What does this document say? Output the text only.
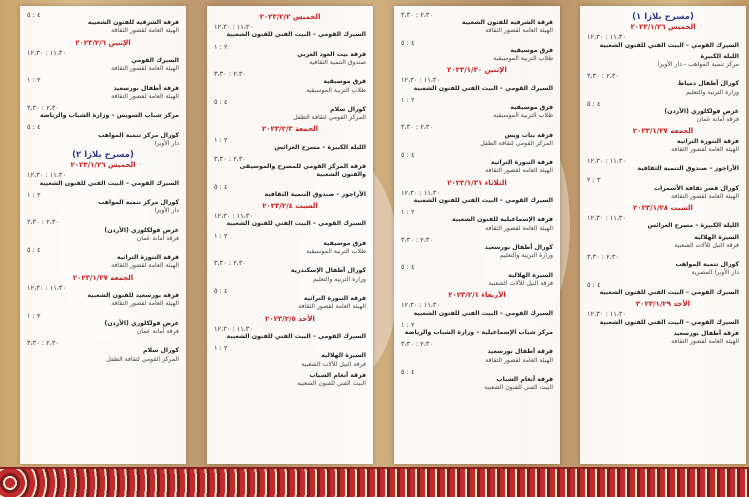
(مسرح بلازا ١)
الخميس ٢٠٢٣/١/٢٦
١١،٣٠ : ١٢،٣٠
السيرك القومي – البيت الفني للفنون الشعبية
الليلة الكبيرة
مركز تنمية المواهب - دار الأوبرا
٢،٣٠ : ٣،٣٠
كورال أطفال دمياط
وزارة التربية والتعليم
٤ : ٥
عرض فولكلوري (الأردن)
فرقة أمانة عمان
الجمعة ٢٠٢٣/١/٢٧
فرقة التنورة التراثية
الهيئة العامة لقصور الثقافة
١١،٣٠ : ١٢،٣٠
الأراجوز – صندوق التنمية الثقافية
٣ : ٢
كورال قصر ثقافة الأسمرات
الهيئة العامة لقصور الثقافة
السبت ٢٠٢٣/١/٢٨
١١،٣٠ : ١٢،٣٠
الليلة الكبيرة – مسرح العرائس
السيرة الهلالية
فرقة النيل للآلات الشعبية
٢،٣٠ : ٣،٣٠
كورال تنمية المواهب
دار الأوبرا المصرية
٤ : ٥
السيرك القومي – البيت الفني للفنون الشعبية
الأحد ٢٠٢٣/١/٢٩
١١،٣٠ : ١٢،٣٠
السيرك القومي – البيت الفني للفنون الشعبية
فرقة أطفال بورسعيد
الهيئة العامة لقصور الثقافة
٢،٣٠ : ٣،٣٠
فرقة الشرقية للفنون الشعبية
الهيئة العامة لقصور الثقافة
٤ : ٥
فرق موسيقية
طلاب التربية الموسيقية
الإثنين ٢٠٢٣/١/٣٠
١١،٣٠ : ١٢،٣٠
السيرك القومي – البيت الفني للفنون الشعبية
٢ : ١
فرق موسيقية
طلاب التربية الموسيقية
٢،٣٠ : ٣،٣٠
فرقة بنات ويس
المركز القومي لثقافة الطفل
٤ : ٥
فرقة التنورة التراثية
الهيئة العامة لقصور الثقافة
الثلاثاء ٢٠٢٣/١/٣١
١١،٣٠ : ١٢،٣٠
السيرك القومي – البيت الفني للفنون الشعبية
٢ : ١
فرقة الإسماعيلية للفنون الشعبية
الهيئة العامة لقصور الثقافة
٢،٣٠ : ٣،٣٠
كورال أطفال بورسعيد
وزارة التربية والتعليم
٤ : ٥
السيرة الهلالية
فرقة النيل للآلات الشعبية
الأربعاء ٢٠٢٣/٢/١
١١،٣٠ : ١٢،٣٠
السيرك القومي – البيت الفني للفنون الشعبية
٢ : ١
مركز شباب الإسماعيلية – وزارة الشباب والرياضة
٢،٣٠ : ٣،٣٠
فرقة أطفال بورسعيد
الهيئة العامة لقصور الثقافة
٤ : ٥
فرقة أنغام الشباب
البيت الفني للفنون الشعبية
الخميس ٢٠٢٣/٢/٢
١١،٣٠ : ١٢،٣٠
السيرك القومي – البيت الفني للفنون الشعبية
٢ : ١
فرقة بيت العود العربي
صندوق التنمية الثقافية
٢،٣٠ : ٣،٣٠
فرق موسيقية
طلاب التربية الموسيقية
٤ : ٥
كورال سلام
المركز القومي لثقافة الطفل
الجمعة ٢٠٢٣/٢/٣
٢ : ١
الليلة الكبيرة – مسرح العرائس
٢،٣٠ : ٣،٣٠
فرقة المركز القومي للمسرح والموسيقى والفنون الشعبية
٤ : ٥
الأراجوز – صندوق التنمية الثقافية
السبت ٢٠٢٣/٢/٤
١١،٣٠ : ١٢،٣٠
السيرك القومي – البيت الفني للفنون الشعبية
٢ : ١
فرق موسيقية
طلاب التربية الموسيقية
٢،٣٠ : ٣،٣٠
كورال أطفال الإسكندرية
وزارة التربية والتعليم
٤ : ٥
فرقة التنورة التراثية
الهيئة العامة لقصور الثقافة
الأحد ٢٠٢٣/٢/٥
١١،٣٠ : ١٢،٣٠
السيرك القومي – البيت الفني للفنون الشعبية
٢ : ١
السيرة الهلالية
فرقة النيل للآلات الشعبية
فرقة أنغام الشباب
البيت الفني للفنون الشعبية
٤ : ٥
فرقة الشرقية للفنون الشعبية
الهيئة العامة لقصور الثقافة
الإثنين ٢٠٢٣/٢/٦
١١،٣٠ : ١٢،٣٠
السيرك القومي
الهيئة العامة لقصور الثقافة
٢ : ١
فرقة أطفال بورسعيد
الهيئة العامة لقصور الثقافة
٢،٣٠ : ٣،٣٠
مركز شباب السويس – وزارة الشباب والرياضة
٤ : ٥
كورال مركز تنمية المواهب
دار الأوبرا
(مسرح بلازا ٢)
الخميس ٢٠٢٣/١/٢٦
١١،٣٠ : ١٢،٣٠
السيرك القومي – البيت الفني للفنون الشعبية
٢ : ١
كورال مركز تنمية المواهب
دار الأوبرا
٢،٣٠ : ٣،٣٠
عرض فولكلوري (الأردن)
فرقة أمانة عمان
٤ : ٥
فرقة التنورة التراثية
الهيئة العامة لقصور الثقافة
الجمعة ٢٠٢٣/١/٢٧
١١،٣٠ : ١٢،٣٠
فرقة بورسعيد للفنون الشعبية
الهيئة العامة لقصور الثقافة
٢ : ١
عرض فولكلوري (الأردن)
فرقة أمانة عمان
٢،٣٠ : ٣،٣٠
كورال سلام
المركز القومي لثقافة الطفل
